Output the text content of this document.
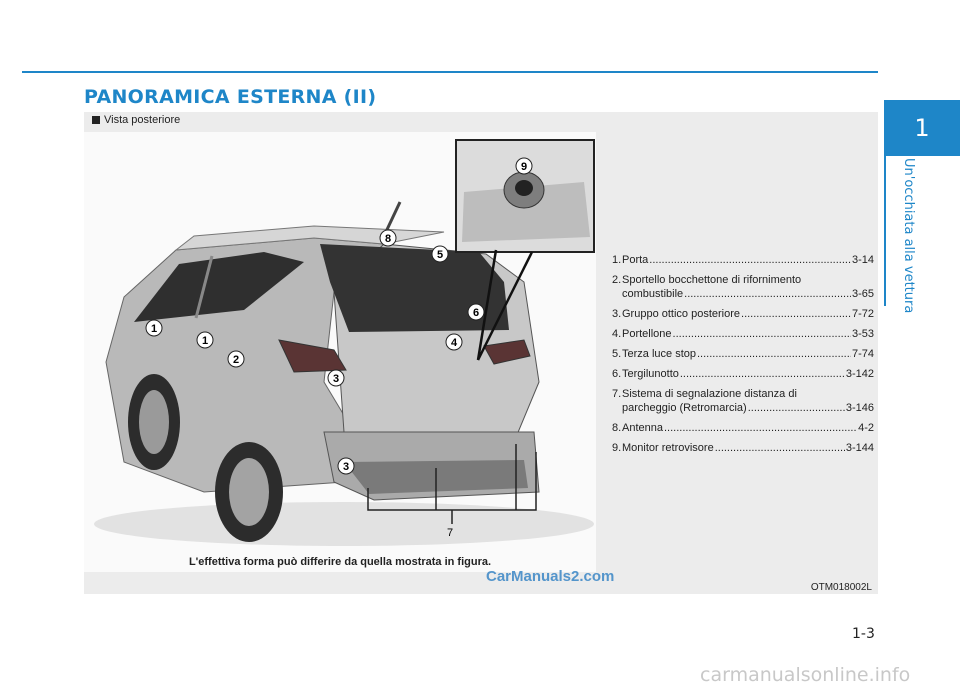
PANORAMICA ESTERNA (II)
1
Un'occhiata alla vettura
Vista posteriore
1
1
2
3
3
4
5
6
7
8
9
1. Porta .....	3-14
2. Sportello bocchettone di rifornimento
combustibile .....	3-65
3. Gruppo ottico posteriore .....	7-72
4. Portellone .....	3-53
5. Terza luce stop .....	7-74
6. Tergilunotto .....	3-142
7. Sistema di segnalazione distanza di
parcheggio (Retromarcia) .....	3-146
8. Antenna .....	4-2
9. Monitor retrovisore .....	3-144
L'effettiva forma può differire da quella mostrata in figura.
OTM018002L
CarManuals2.com
1-3
carmanualsonline.info
